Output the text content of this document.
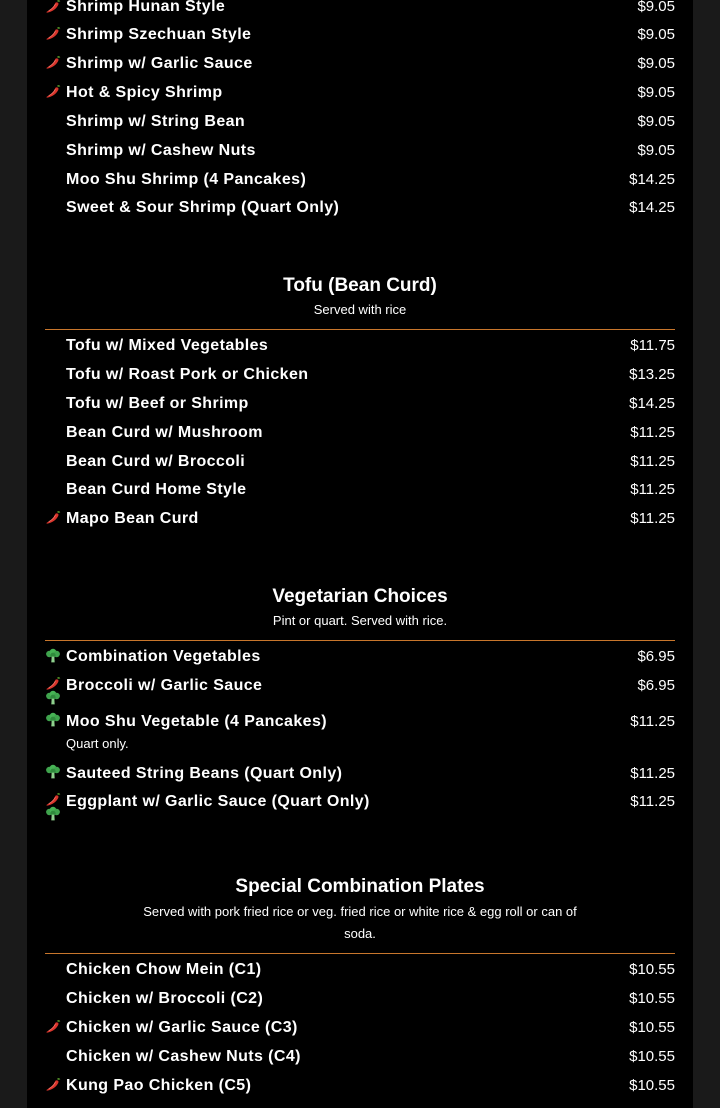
Shrimp Hunan Style	$9.05
Shrimp Szechuan Style	$9.05
Shrimp w/ Garlic Sauce	$9.05
Hot & Spicy Shrimp	$9.05
Shrimp w/ String Bean	$9.05
Shrimp w/ Cashew Nuts	$9.05
Moo Shu Shrimp (4 Pancakes)	$14.25
Sweet & Sour Shrimp (Quart Only)	$14.25
Tofu (Bean Curd)
Served with rice
Tofu w/ Mixed Vegetables	$11.75
Tofu w/ Roast Pork or Chicken	$13.25
Tofu w/ Beef or Shrimp	$14.25
Bean Curd w/ Mushroom	$11.25
Bean Curd w/ Broccoli	$11.25
Bean Curd Home Style	$11.25
Mapo Bean Curd	$11.25
Vegetarian Choices
Pint or quart. Served with rice.
Combination Vegetables	$6.95
Broccoli w/ Garlic Sauce	$6.95
Moo Shu Vegetable (4 Pancakes)	$11.25
Quart only.
Sauteed String Beans (Quart Only)	$11.25
Eggplant w/ Garlic Sauce (Quart Only)	$11.25
Special Combination Plates
Served with pork fried rice or veg. fried rice or white rice & egg roll or can of
soda.
Chicken Chow Mein (C1)	$10.55
Chicken w/ Broccoli (C2)	$10.55
Chicken w/ Garlic Sauce (C3)	$10.55
Chicken w/ Cashew Nuts (C4)	$10.55
Kung Pao Chicken (C5)	$10.55
